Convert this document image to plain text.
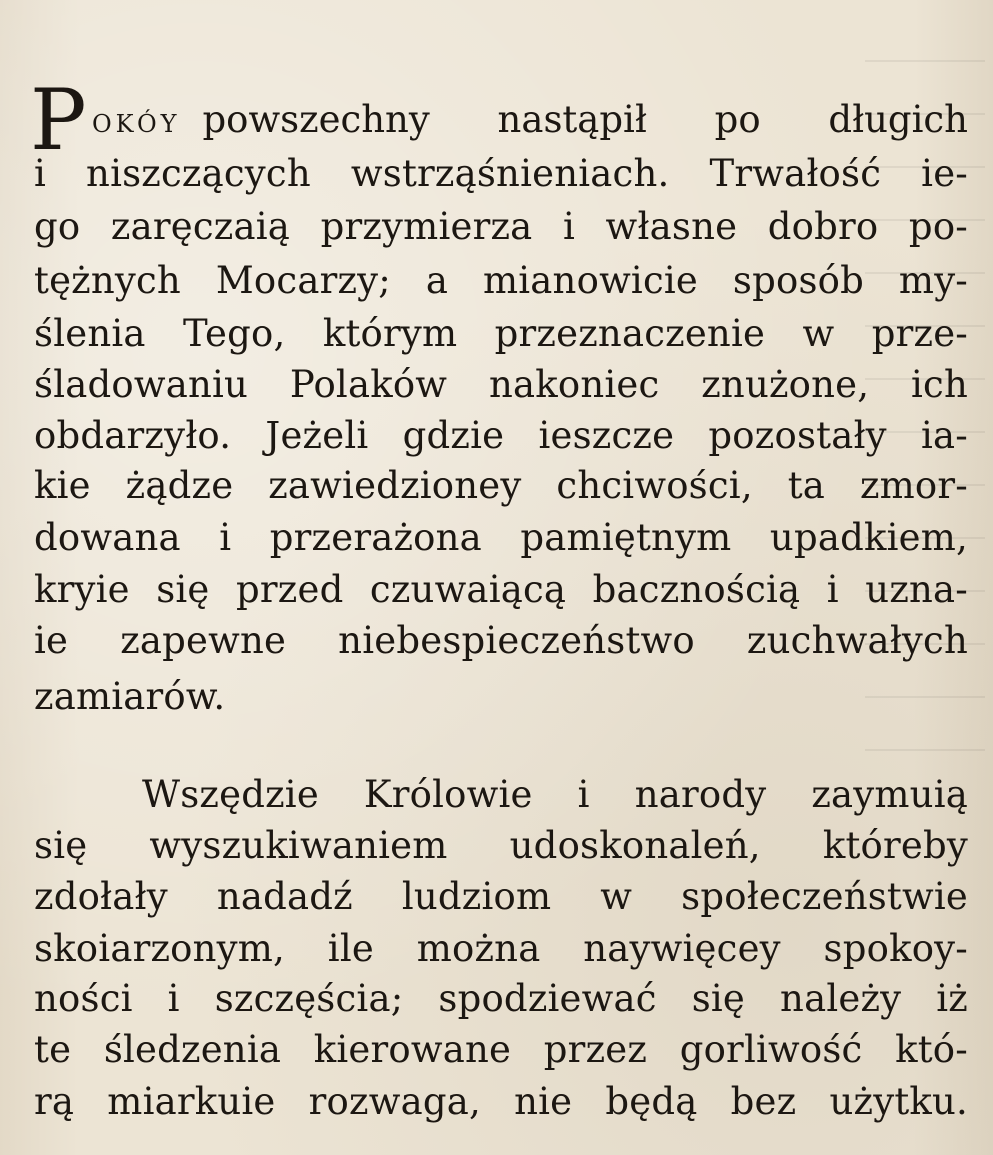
P OKÓY powszechny nastąpił po długich
i niszczących wstrząśnieniach. Trwałość ie-
go zaręczaią przymierza i własne dobro po-
tężnych Mocarzy; a mianowicie sposób my-
ślenia Tego, którym przeznaczenie w prze-
śladowaniu Polaków nakoniec znużone, ich
obdarzyło. Jeżeli gdzie ieszcze pozostały ia-
kie żądze zawiedzioney chciwości, ta zmor-
dowana i przerażona pamiętnym upadkiem,
kryie się przed czuwaiącą bacznością i uzna-
ie zapewne niebespieczeństwo zuchwałych
zamiarów.
Wszędzie Królowie i narody zaymuią
się wyszukiwaniem udoskonaleń, któreby
zdołały nadadź ludziom w społeczeństwie
skoiarzonym, ile można naywięcey spokoy-
ności i szczęścia; spodziewać się należy iż
te śledzenia kierowane przez gorliwość któ-
rą miarkuie rozwaga, nie będą bez użytku.
